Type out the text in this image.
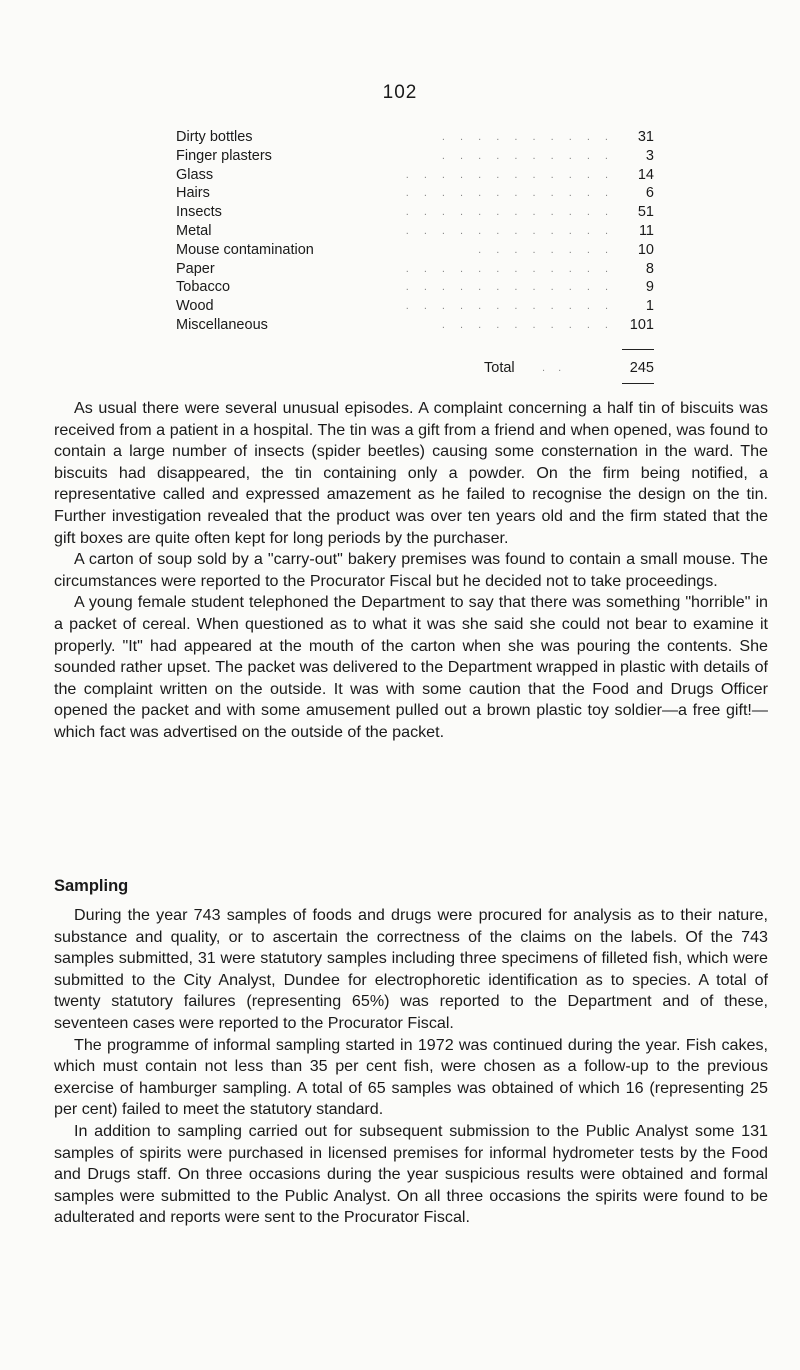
102
Dirty bottles	. . . . . . . . . . 31
Finger plasters	. . . . . . . . . . 3
Glass	. . . . . . . . . . . . 14
Hairs	. . . . . . . . . . . . 6
Insects	. . . . . . . . . . . . 51
Metal	. . . . . . . . . . . . 11
Mouse contamination	. . . . . . . . 10
Paper	. . . . . . . . . . . . 8
Tobacco	. . . . . . . . . . . . 9
Wood	. . . . . . . . . . . . 1
Miscellaneous	. . . . . . . . . . 101
Total . .	245

As usual there were several unusual episodes. A complaint concerning a half tin of biscuits was received from a patient in a hospital. The tin was a gift from a friend and when opened, was found to contain a large number of insects (spider beetles) causing some consternation in the ward. The biscuits had disappeared, the tin containing only a powder. On the firm being notified, a representative called and expressed amazement as he failed to recognise the design on the tin. Further investigation revealed that the product was over ten years old and the firm stated that the gift boxes are quite often kept for long periods by the purchaser.

A carton of soup sold by a "carry-out" bakery premises was found to contain a small mouse. The circumstances were reported to the Procurator Fiscal but he decided not to take proceedings.

A young female student telephoned the Department to say that there was something "horrible" in a packet of cereal. When questioned as to what it was she said she could not bear to examine it properly. "It" had appeared at the mouth of the carton when she was pouring the contents. She sounded rather upset. The packet was delivered to the Department wrapped in plastic with details of the complaint written on the outside. It was with some caution that the Food and Drugs Officer opened the packet and with some amusement pulled out a brown plastic toy soldier—a free gift!—which fact was advertised on the outside of the packet.

Sampling

During the year 743 samples of foods and drugs were procured for analysis as to their nature, substance and quality, or to ascertain the correctness of the claims on the labels. Of the 743 samples submitted, 31 were statutory samples including three specimens of filleted fish, which were submitted to the City Analyst, Dundee for electrophoretic identification as to species. A total of twenty statutory failures (representing 65%) was reported to the Department and of these, seventeen cases were reported to the Procurator Fiscal.

The programme of informal sampling started in 1972 was continued during the year. Fish cakes, which must contain not less than 35 per cent fish, were chosen as a follow-up to the previous exercise of hamburger sampling. A total of 65 samples was obtained of which 16 (representing 25 per cent) failed to meet the statutory standard.

In addition to sampling carried out for subsequent submission to the Public Analyst some 131 samples of spirits were purchased in licensed premises for informal hydrometer tests by the Food and Drugs staff. On three occasions during the year suspicious results were obtained and formal samples were submitted to the Public Analyst. On all three occasions the spirits were found to be adulterated and reports were sent to the Procurator Fiscal.
